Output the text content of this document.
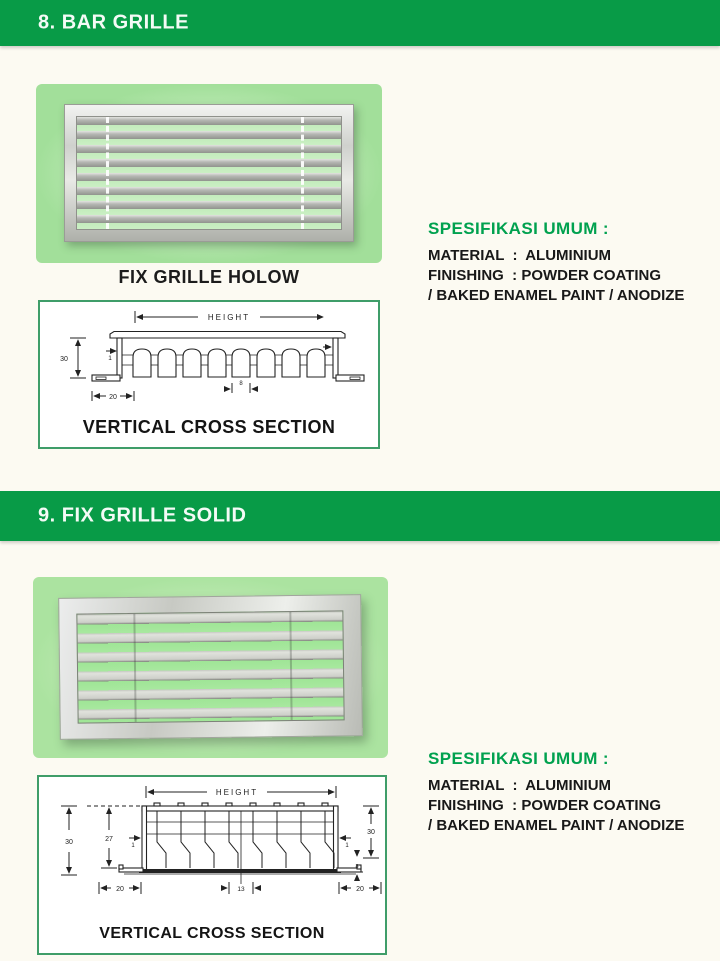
8. BAR GRILLE
FIX GRILLE HOLOW

SPESIFIKASI UMUM :

MATERIAL  :  ALUMINIUM
FINISHING  : POWDER COATING
/ BAKED ENAMEL PAINT / ANODIZE
HEIGHT
30	1
20
8
VERTICAL CROSS SECTION
9. FIX GRILLE SOLID

SPESIFIKASI UMUM :

MATERIAL  :  ALUMINIUM
FINISHING  : POWDER COATING
/ BAKED ENAMEL PAINT / ANODIZE
HEIGHT
30	27
1	1
30
8
20	13	20
VERTICAL CROSS SECTION
